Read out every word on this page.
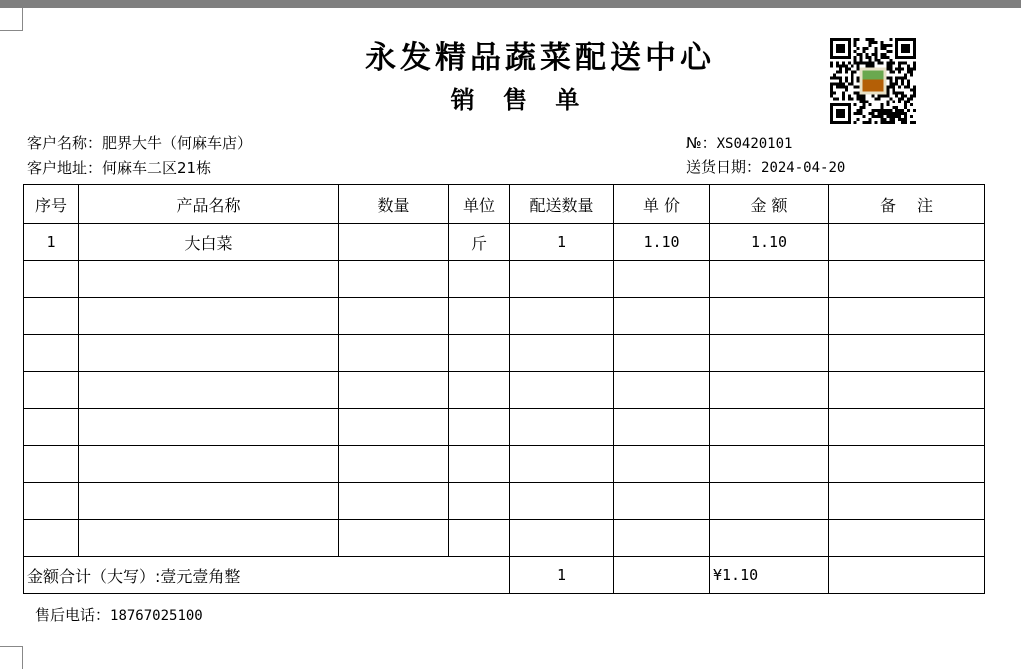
永发精品蔬菜配送中心
销 售 单
客户名称：肥界大牛（何麻车店）
客户地址：何麻车二区21栋
№：XS0420101
送货日期：2024-04-20
序号	产品名称	数量	单位	配送数量	单 价	金 额	备　 注
1	大白菜		斤	1	1.10	1.10	

金额合计（大写）:壹元壹角整				1		¥1.10	
售后电话：18767025100
